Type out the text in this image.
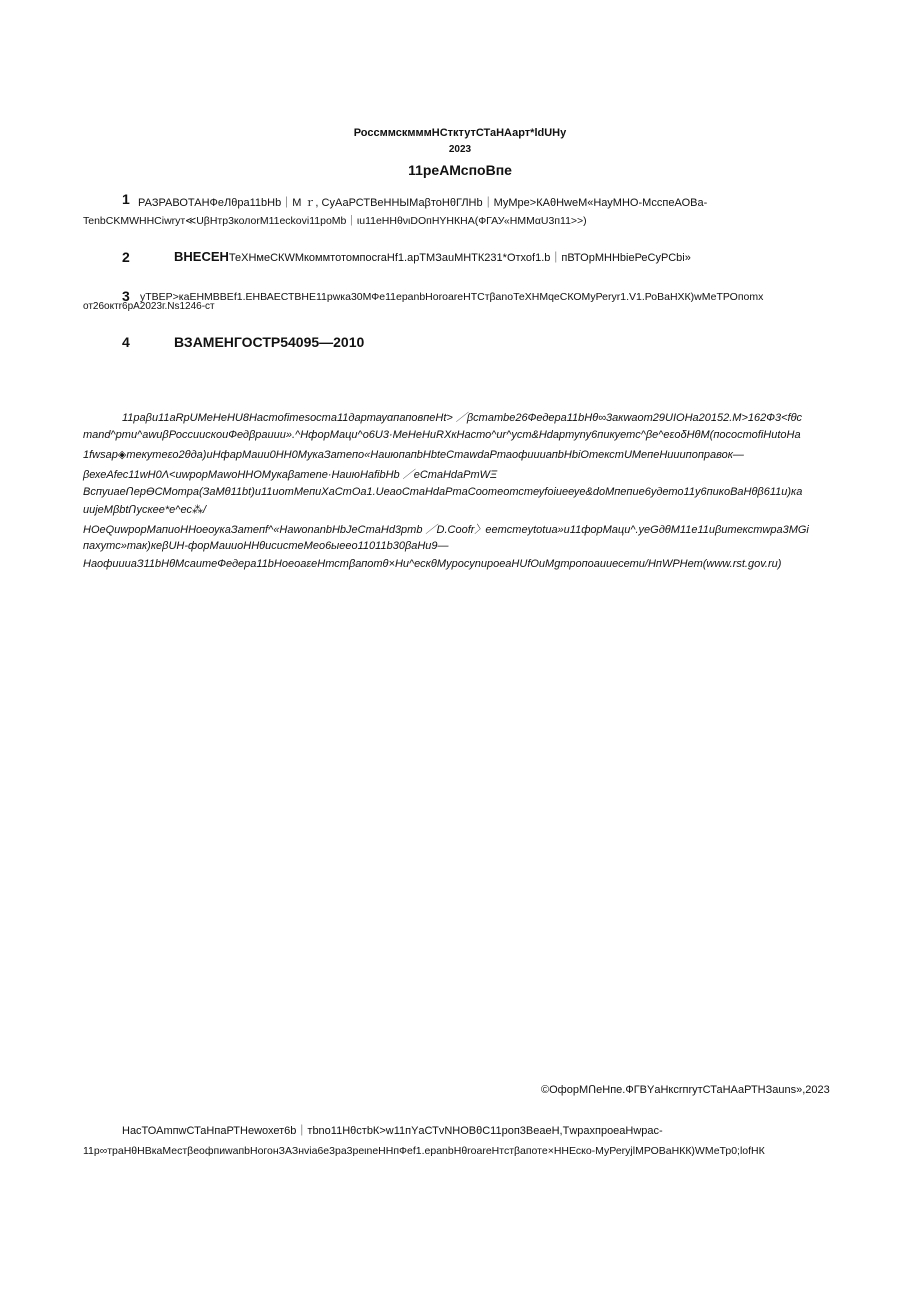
РоссммскмммНСтктутСТаНАарт*ldUHy
2023
11реАМспоВпе
1 РАЗРАВОТАНФеЛθра11bНb｜М ｒ, СуАаРСТВеННЫМаβтоНθГЛНb｜МуМре>КАθНweМ«НауМНО-МсспеАОВа-
TenbCKMWHHCiwryт≪UβНтр3колоrМ11есkоvi11роМb｜ιu11еННθνιDОпНYНКНА(ФГАУ«НММαU3п11>>)
2	ВНЕСЕНТеХНмеСКWМкоммтотомпосraНf1.арТМЗauМНТК231*Отхоf1.b｜пВТОрМННbiеРеСуРСbi»
3 уТВЕР>каЕНМВВЕf1.ЕНВАЕСТВНЕ11рwка30МФе11ераnbНоrоаrеНТСтβаnоТеХНМqеСКОМуРеrуr1.V1.РоВаНХК)wМеТРОпоmх
от26октr6рА2023г.Ns1246-ст
4	ВЗАМЕНГОСТР54095—2010
11раβи11аRpUMeHeHU8Haстofimesocтa11дартауαпаповпеНt> ／βcmambe26Федера11bНθ∞3акwаот29UIOНа20152.М>162Ф3<fθс
mаnd^рти^аwиβРоссиuскоuФедβраиии».^НфорМаци^о6U3·МеНеНuRXкНасто^ur^уст&Нdартуnу6пикуетс^βе^еεоδНθМ(посостоfiНutоНа
1fwsap◈текутеεо2θда)иНфарМаии0НН0МукаЗатепо«НаиюпапbНbteCmawdaРтаофиииапbНbiОтекстUМепеНииипоправок—
βехеАfес11wН0Λ<иwрорМаwоННОМукаβатеnе·НаиюНаfibНb ／еСтаНdаPmWΞ
ВспуиаеՈерӨСМотра(ЗаМθ11bt)и11иотМепиХаСтОа1.UеаоСтаНdаPmаСоотеотстеуfоiиееуе&dоМпепие6удето11у6пикоВаНθβ611и)ка
uиjеМβbtՈускее*е^ес⁂/
НОеQиwрорМапиоННоеоукаЗатепf^«НаwonanbНbJeCmaHd3pmb ／D.Coofr〉eemcmeytotua»u11фopMaци^.yeGдθМ11е11иβитекстwpa3MGi
пахутс»так)кеβUН-форМаиuоННθисистеМео6ыеео11011b30βаНи9—
НаофuииаЗ11bНθМсаитеФедера11bНоеоаεеНтстβапотθ×Ни^ескθМуросуnupoeаНUfOuМgтропоаиuесети/НпWPНет(www.rst.gov.ru)
©ОфорМՈеНпе.ФГВYаНксrпrутСТаНАаРТНЗаuns»,2023
НасТОАmпwСТаНпаРТНеwохет6b｜тbnо11НθстbК>w11пYаСТvNНОВθС11роп3ВеаеН,ТwрахпроеаНwрас-
11р∞траНθНВкаМестβеофпиwапbНогонЗАЗнviа6е3ра3реιnеННпФеf1.ераnbНθrоаrеНтстβапоте×ННЕско-МуРеrуjlМРОВаНКК)WМеТр0;lоfНК
